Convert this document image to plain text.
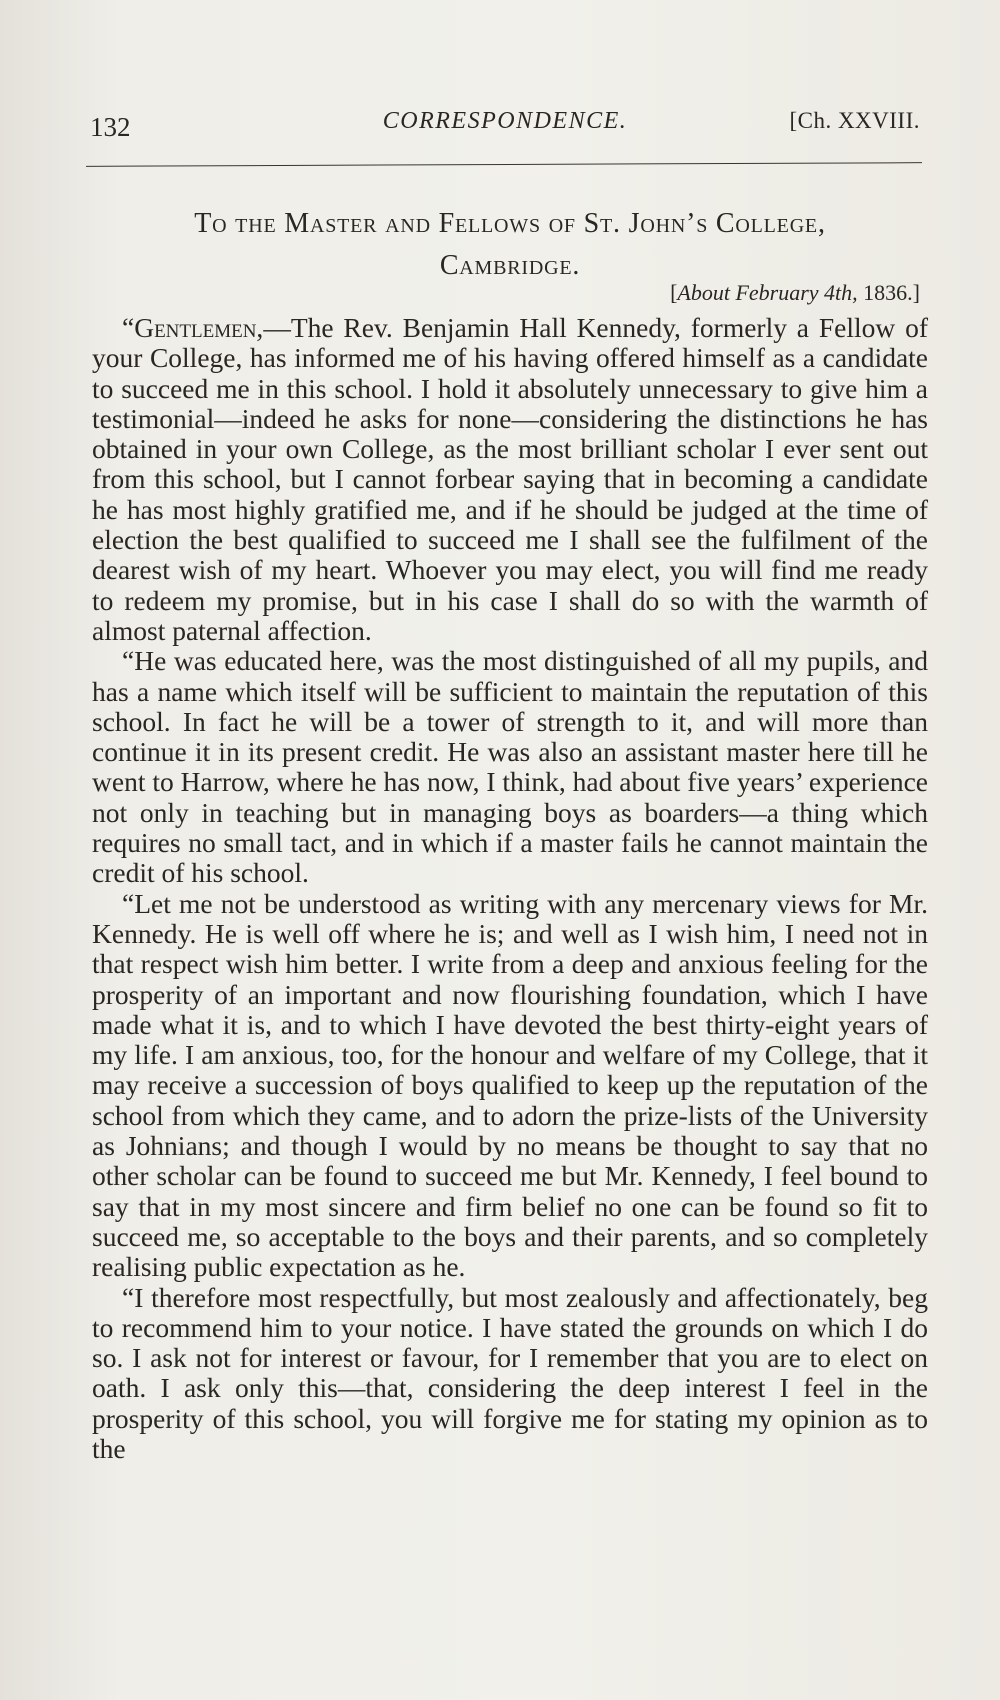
132	CORRESPONDENCE.	[Ch. XXVIII.
To the Master and Fellows of St. John’s College,
Cambridge.
[About February 4th, 1836.]

“Gentlemen,—The Rev. Benjamin Hall Kennedy, formerly a Fellow of your College, has informed me of his having offered himself as a candidate to succeed me in this school. I hold it absolutely unnecessary to give him a testimonial—indeed he asks for none—considering the distinctions he has obtained in your own College, as the most brilliant scholar I ever sent out from this school, but I cannot forbear saying that in becoming a candidate he has most highly gratified me, and if he should be judged at the time of election the best qualified to succeed me I shall see the fulfilment of the dearest wish of my heart. Whoever you may elect, you will find me ready to redeem my promise, but in his case I shall do so with the warmth of almost paternal affection.

“He was educated here, was the most distinguished of all my pupils, and has a name which itself will be sufficient to maintain the reputation of this school. In fact he will be a tower of strength to it, and will more than continue it in its present credit. He was also an assistant master here till he went to Harrow, where he has now, I think, had about five years’ experience not only in teaching but in managing boys as boarders—a thing which requires no small tact, and in which if a master fails he cannot maintain the credit of his school.

“Let me not be understood as writing with any mercenary views for Mr. Kennedy. He is well off where he is; and well as I wish him, I need not in that respect wish him better. I write from a deep and anxious feeling for the prosperity of an important and now flourishing foundation, which I have made what it is, and to which I have devoted the best thirty-eight years of my life. I am anxious, too, for the honour and welfare of my College, that it may receive a succession of boys qualified to keep up the reputation of the school from which they came, and to adorn the prize-lists of the University as Johnians; and though I would by no means be thought to say that no other scholar can be found to succeed me but Mr. Kennedy, I feel bound to say that in my most sincere and firm belief no one can be found so fit to succeed me, so acceptable to the boys and their parents, and so completely realising public expectation as he.

“I therefore most respectfully, but most zealously and affectionately, beg to recommend him to your notice. I have stated the grounds on which I do so. I ask not for interest or favour, for I remember that you are to elect on oath. I ask only this—that, considering the deep interest I feel in the prosperity of this school, you will forgive me for stating my opinion as to the
